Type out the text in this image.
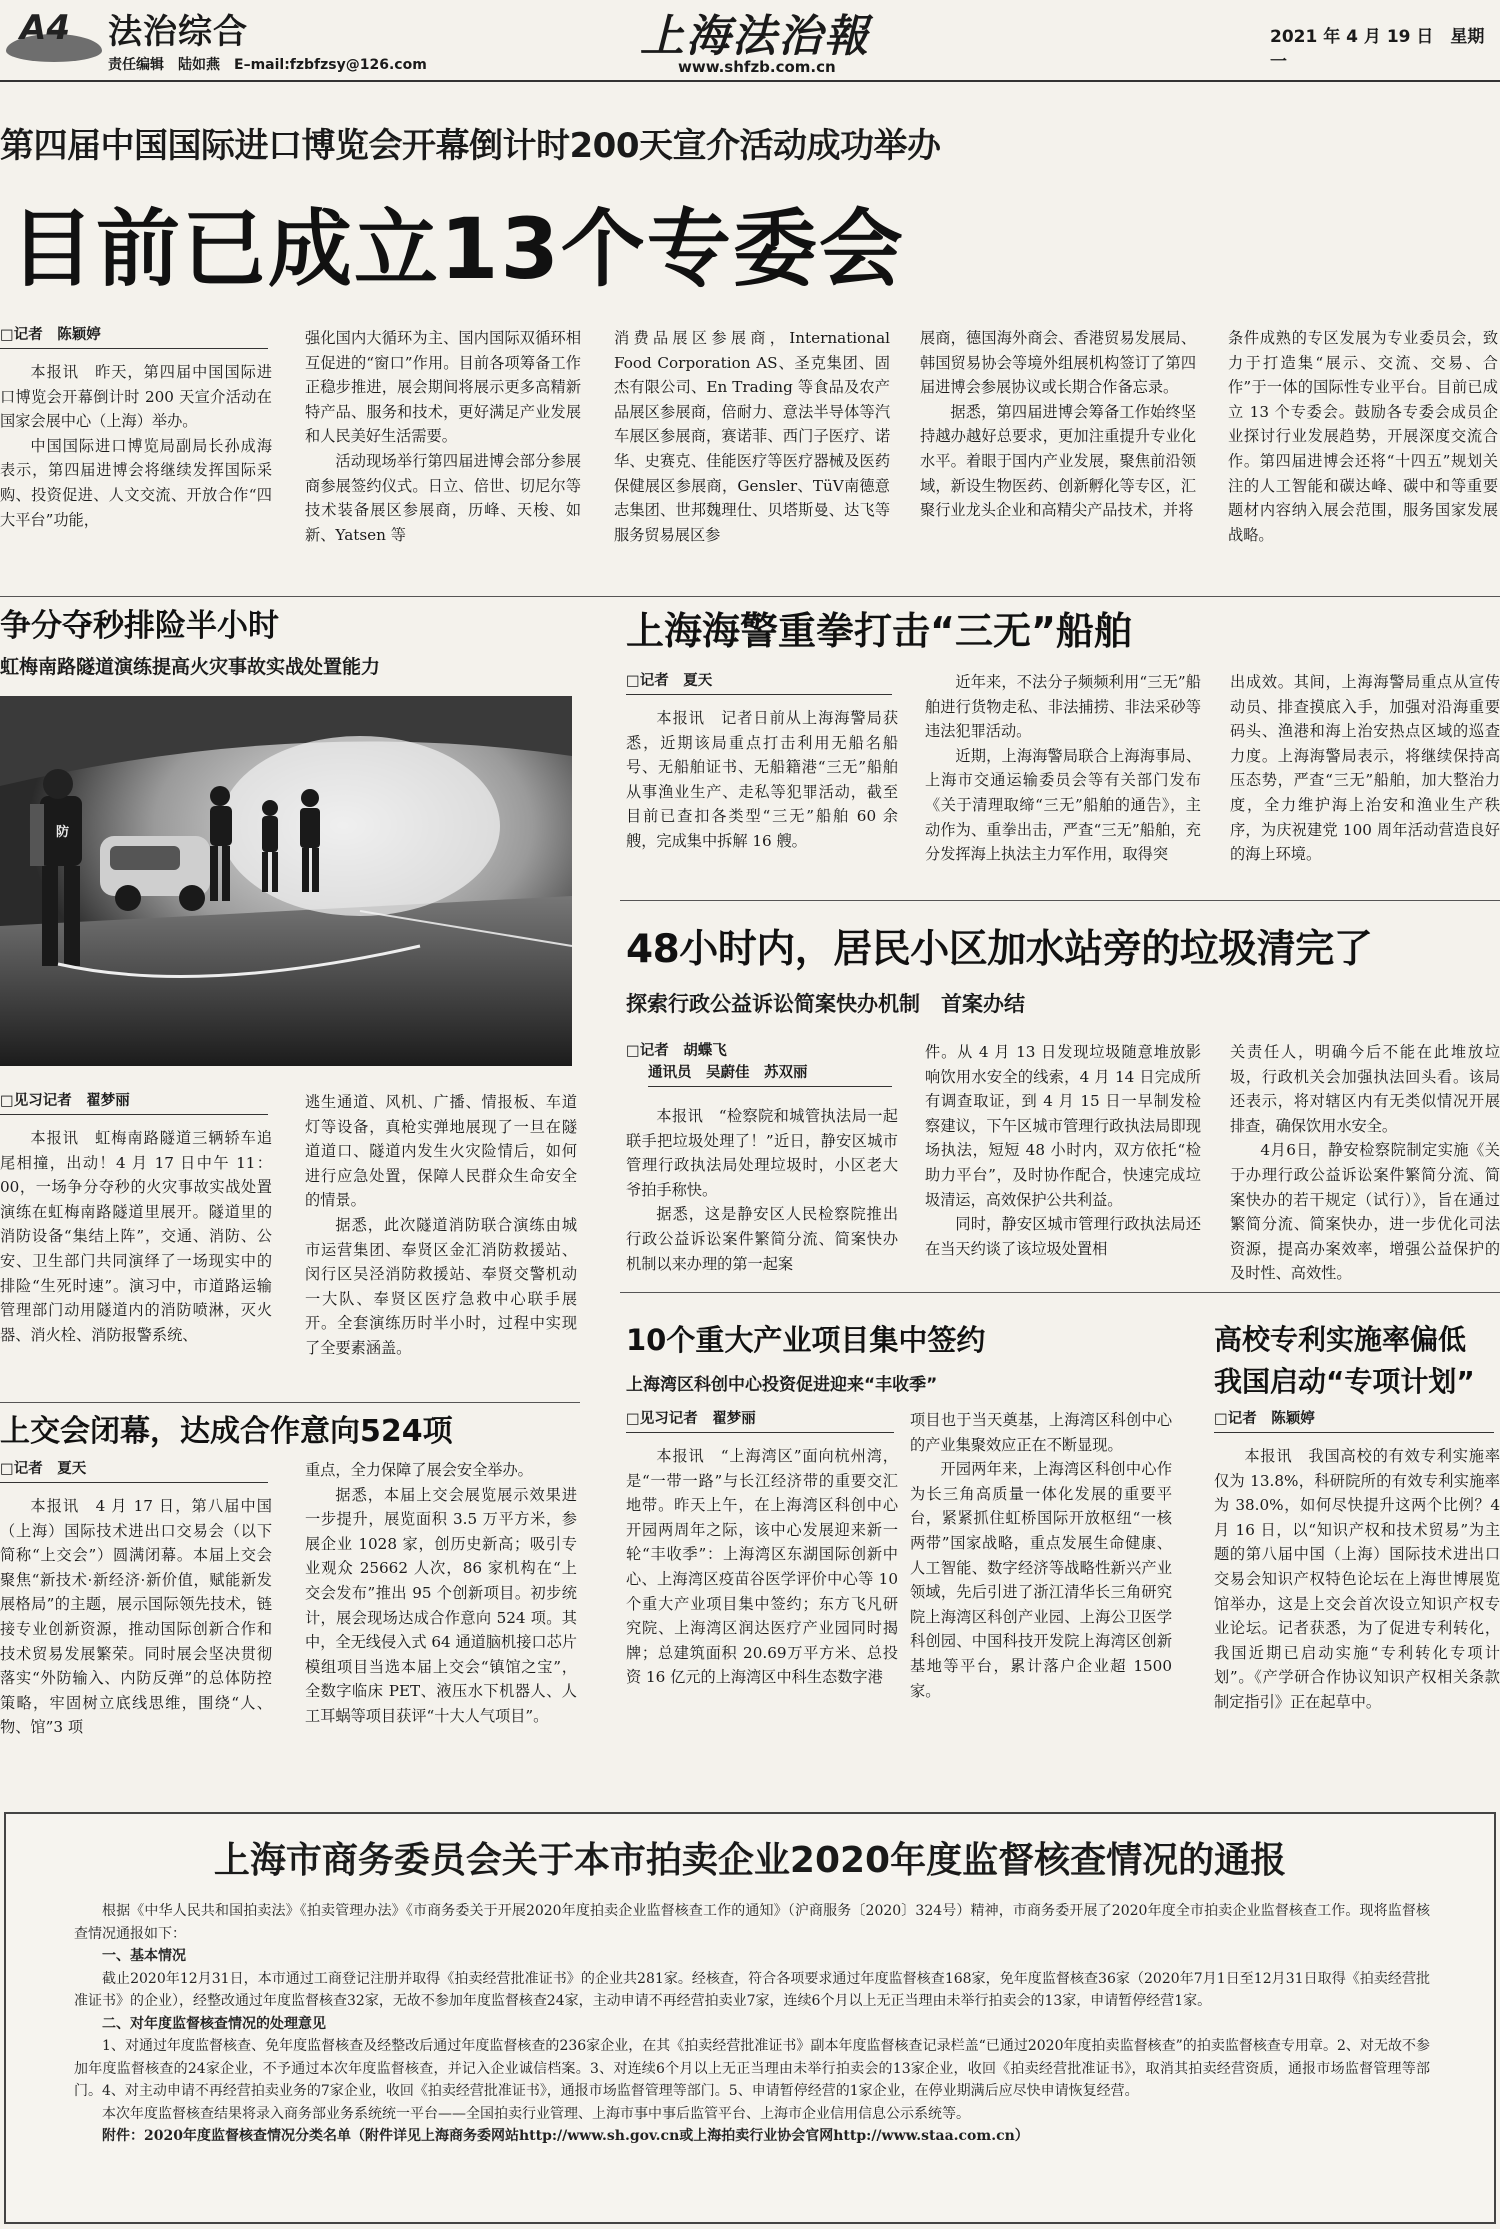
A4 法治综合
责任编辑　陆如燕　E–mail:fzbfzsy@126.com
上海法治報
www.shfzb.com.cn
2021 年 4 月 19 日　星期一
第四届中国国际进口博览会开幕倒计时200天宣介活动成功举办
目前已成立13个专委会
□记者　陈颖婷

本报讯　昨天，第四届中国国际进口博览会开幕倒计时 200 天宣介活动在国家会展中心（上海）举办。

中国国际进口博览局副局长孙成海表示，第四届进博会将继续发挥国际采购、投资促进、人文交流、开放合作“四大平台”功能，

强化国内大循环为主、国内国际双循环相互促进的“窗口”作用。目前各项筹备工作正稳步推进，展会期间将展示更多高精新特产品、服务和技术，更好满足产业发展和人民美好生活需要。

活动现场举行第四届进博会部分参展商参展签约仪式。日立、倍世、切尼尔等技术装备展区参展商，历峰、天梭、如新、Yatsen 等

消费品展区参展商，International Food Corporation AS、圣克集团、固杰有限公司、En Trading 等食品及农产品展区参展商，倍耐力、意法半导体等汽车展区参展商，赛诺菲、西门子医疗、诺华、史赛克、佳能医疗等医疗器械及医药保健展区参展商，Gensler、TüV南德意志集团、世邦魏理仕、贝塔斯曼、达飞等服务贸易展区参

展商，德国海外商会、香港贸易发展局、韩国贸易协会等境外组展机构签订了第四届进博会参展协议或长期合作备忘录。

据悉，第四届进博会筹备工作始终坚持越办越好总要求，更加注重提升专业化水平。着眼于国内产业发展，聚焦前沿领域，新设生物医药、创新孵化等专区，汇聚行业龙头企业和高精尖产品技术，并将

条件成熟的专区发展为专业委员会，致力于打造集“展示、交流、交易、合作”于一体的国际性专业平台。目前已成立 13 个专委会。鼓励各专委会成员企业探讨行业发展趋势，开展深度交流合作。第四届进博会还将“十四五”规划关注的人工智能和碳达峰、碳中和等重要题材内容纳入展会范围，服务国家发展战略。

争分夺秒排险半小时
虹梅南路隧道演练提高火灾事故实战处置能力
防
□见习记者　翟梦丽

本报讯　虹梅南路隧道三辆轿车追尾相撞，出动！4 月 17 日中午 11：00，一场争分夺秒的火灾事故实战处置演练在虹梅南路隧道里展开。隧道里的消防设备“集结上阵”，交通、消防、公安、卫生部门共同演绎了一场现实中的排险“生死时速”。演习中，市道路运输管理部门动用隧道内的消防喷淋，灭火器、消火栓、消防报警系统、

逃生通道、风机、广播、情报板、车道灯等设备，真枪实弹地展现了一旦在隧道道口、隧道内发生火灾险情后，如何进行应急处置，保障人民群众生命安全的情景。

据悉，此次隧道消防联合演练由城市运营集团、奉贤区金汇消防救援站、闵行区吴泾消防救援站、奉贤交警机动一大队、奉贤区医疗急救中心联手展开。全套演练历时半小时，过程中实现了全要素涵盖。

上海海警重拳打击“三无”船舶
□记者　夏天

本报讯　记者日前从上海海警局获悉，近期该局重点打击利用无船名船号、无船舶证书、无船籍港“三无”船舶从事渔业生产、走私等犯罪活动，截至目前已查扣各类型“三无”船舶 60 余艘，完成集中拆解 16 艘。

近年来，不法分子频频利用“三无”船舶进行货物走私、非法捕捞、非法采砂等违法犯罪活动。

近期，上海海警局联合上海海事局、上海市交通运输委员会等有关部门发布《关于清理取缔“三无”船舶的通告》，主动作为、重拳出击，严查“三无”船舶，充分发挥海上执法主力军作用，取得突

出成效。其间，上海海警局重点从宣传动员、排查摸底入手，加强对沿海重要码头、渔港和海上治安热点区域的巡查力度。上海海警局表示，将继续保持高压态势，严查“三无”船舶，加大整治力度，全力维护海上治安和渔业生产秩序，为庆祝建党 100 周年活动营造良好的海上环境。

48小时内，居民小区加水站旁的垃圾清完了
探索行政公益诉讼简案快办机制　首案办结
□记者　胡蝶飞
通讯员　吴蔚佳　苏双丽

本报讯　“检察院和城管执法局一起联手把垃圾处理了！”近日，静安区城市管理行政执法局处理垃圾时，小区老大爷拍手称快。

据悉，这是静安区人民检察院推出行政公益诉讼案件繁简分流、简案快办机制以来办理的第一起案

件。从 4 月 13 日发现垃圾随意堆放影响饮用水安全的线索，4 月 14 日完成所有调查取证，到 4 月 15 日一早制发检察建议，下午区城市管理行政执法局即现场执法，短短 48 小时内，双方依托“检助力平台”，及时协作配合，快速完成垃圾清运，高效保护公共利益。

同时，静安区城市管理行政执法局还在当天约谈了该垃圾处置相

关责任人，明确今后不能在此堆放垃圾，行政机关会加强执法回头看。该局还表示，将对辖区内有无类似情况开展排查，确保饮用水安全。

4月6日，静安检察院制定实施《关于办理行政公益诉讼案件繁简分流、简案快办的若干规定（试行）》，旨在通过繁简分流、简案快办，进一步优化司法资源，提高办案效率，增强公益保护的及时性、高效性。

10个重大产业项目集中签约
上海湾区科创中心投资促进迎来“丰收季”
□见习记者　翟梦丽

本报讯　“上海湾区”面向杭州湾，是“一带一路”与长江经济带的重要交汇地带。昨天上午，在上海湾区科创中心开园两周年之际，该中心发展迎来新一轮“丰收季”：上海湾区东湖国际创新中心、上海湾区疫苗谷医学评价中心等 10 个重大产业项目集中签约；东方飞凡研究院、上海湾区润达医疗产业园同时揭牌；总建筑面积 20.69万平方米、总投资 16 亿元的上海湾区中科生态数字港

项目也于当天奠基，上海湾区科创中心的产业集聚效应正在不断显现。

开园两年来，上海湾区科创中心作为长三角高质量一体化发展的重要平台，紧紧抓住虹桥国际开放枢纽“一核两带”国家战略，重点发展生命健康、人工智能、数字经济等战略性新兴产业领域，先后引进了浙江清华长三角研究院上海湾区科创产业园、上海公卫医学科创园、中国科技开发院上海湾区创新基地等平台，累计落户企业超 1500 家。

高校专利实施率偏低
我国启动“专项计划”
□记者　陈颖婷

本报讯　我国高校的有效专利实施率仅为 13.8%，科研院所的有效专利实施率为 38.0%，如何尽快提升这两个比例？4 月 16 日，以“知识产权和技术贸易”为主题的第八届中国（上海）国际技术进出口交易会知识产权特色论坛在上海世博展览馆举办，这是上交会首次设立知识产权专业论坛。记者获悉，为了促进专利转化，我国近期已启动实施“专利转化专项计划”。《产学研合作协议知识产权相关条款制定指引》正在起草中。

上交会闭幕，达成合作意向524项
□记者　夏天

本报讯　4 月 17 日，第八届中国（上海）国际技术进出口交易会（以下简称“上交会”）圆满闭幕。本届上交会聚焦“新技术·新经济·新价值，赋能新发展格局”的主题，展示国际领先技术，链接专业创新资源，推动国际创新合作和技术贸易发展繁荣。同时展会坚决贯彻落实“外防输入、内防反弹”的总体防控策略，牢固树立底线思维，围绕“人、物、馆”3 项

重点，全力保障了展会安全举办。

据悉，本届上交会展览展示效果进一步提升，展览面积 3.5 万平方米，参展企业 1028 家，创历史新高；吸引专业观众 25662 人次，86 家机构在“上交会发布”推出 95 个创新项目。初步统计，展会现场达成合作意向 524 项。其中，全无线侵入式 64 通道脑机接口芯片模组项目当选本届上交会“镇馆之宝”，全数字临床 PET、液压水下机器人、人工耳蜗等项目获评“十大人气项目”。

上海市商务委员会关于本市拍卖企业2020年度监督核查情况的通报

根据《中华人民共和国拍卖法》《拍卖管理办法》《市商务委关于开展2020年度拍卖企业监督核查工作的通知》（沪商服务〔2020〕324号）精神，市商务委开展了2020年度全市拍卖企业监督核查工作。现将监督核查情况通报如下：

一、基本情况

截止2020年12月31日，本市通过工商登记注册并取得《拍卖经营批准证书》的企业共281家。经核查，符合各项要求通过年度监督核查168家，免年度监督核查36家（2020年7月1日至12月31日取得《拍卖经营批准证书》的企业），经整改通过年度监督核查32家，无故不参加年度监督核查24家，主动申请不再经营拍卖业7家，连续6个月以上无正当理由未举行拍卖会的13家，申请暂停经营1家。

二、对年度监督核查情况的处理意见

1、对通过年度监督核查、免年度监督核查及经整改后通过年度监督核查的236家企业，在其《拍卖经营批准证书》副本年度监督核查记录栏盖“已通过2020年度拍卖监督核查”的拍卖监督核查专用章。2、对无故不参加年度监督核查的24家企业，不予通过本次年度监督核查，并记入企业诚信档案。3、对连续6个月以上无正当理由未举行拍卖会的13家企业，收回《拍卖经营批准证书》，取消其拍卖经营资质，通报市场监督管理等部门。4、对主动申请不再经营拍卖业务的7家企业，收回《拍卖经营批准证书》，通报市场监督管理等部门。5、申请暂停经营的1家企业，在停业期满后应尽快申请恢复经营。

本次年度监督核查结果将录入商务部业务系统统一平台——全国拍卖行业管理、上海市事中事后监管平台、上海市企业信用信息公示系统等。

附件：2020年度监督核查情况分类名单（附件详见上海商务委网站http://www.sh.gov.cn或上海拍卖行业协会官网http://www.staa.com.cn）
